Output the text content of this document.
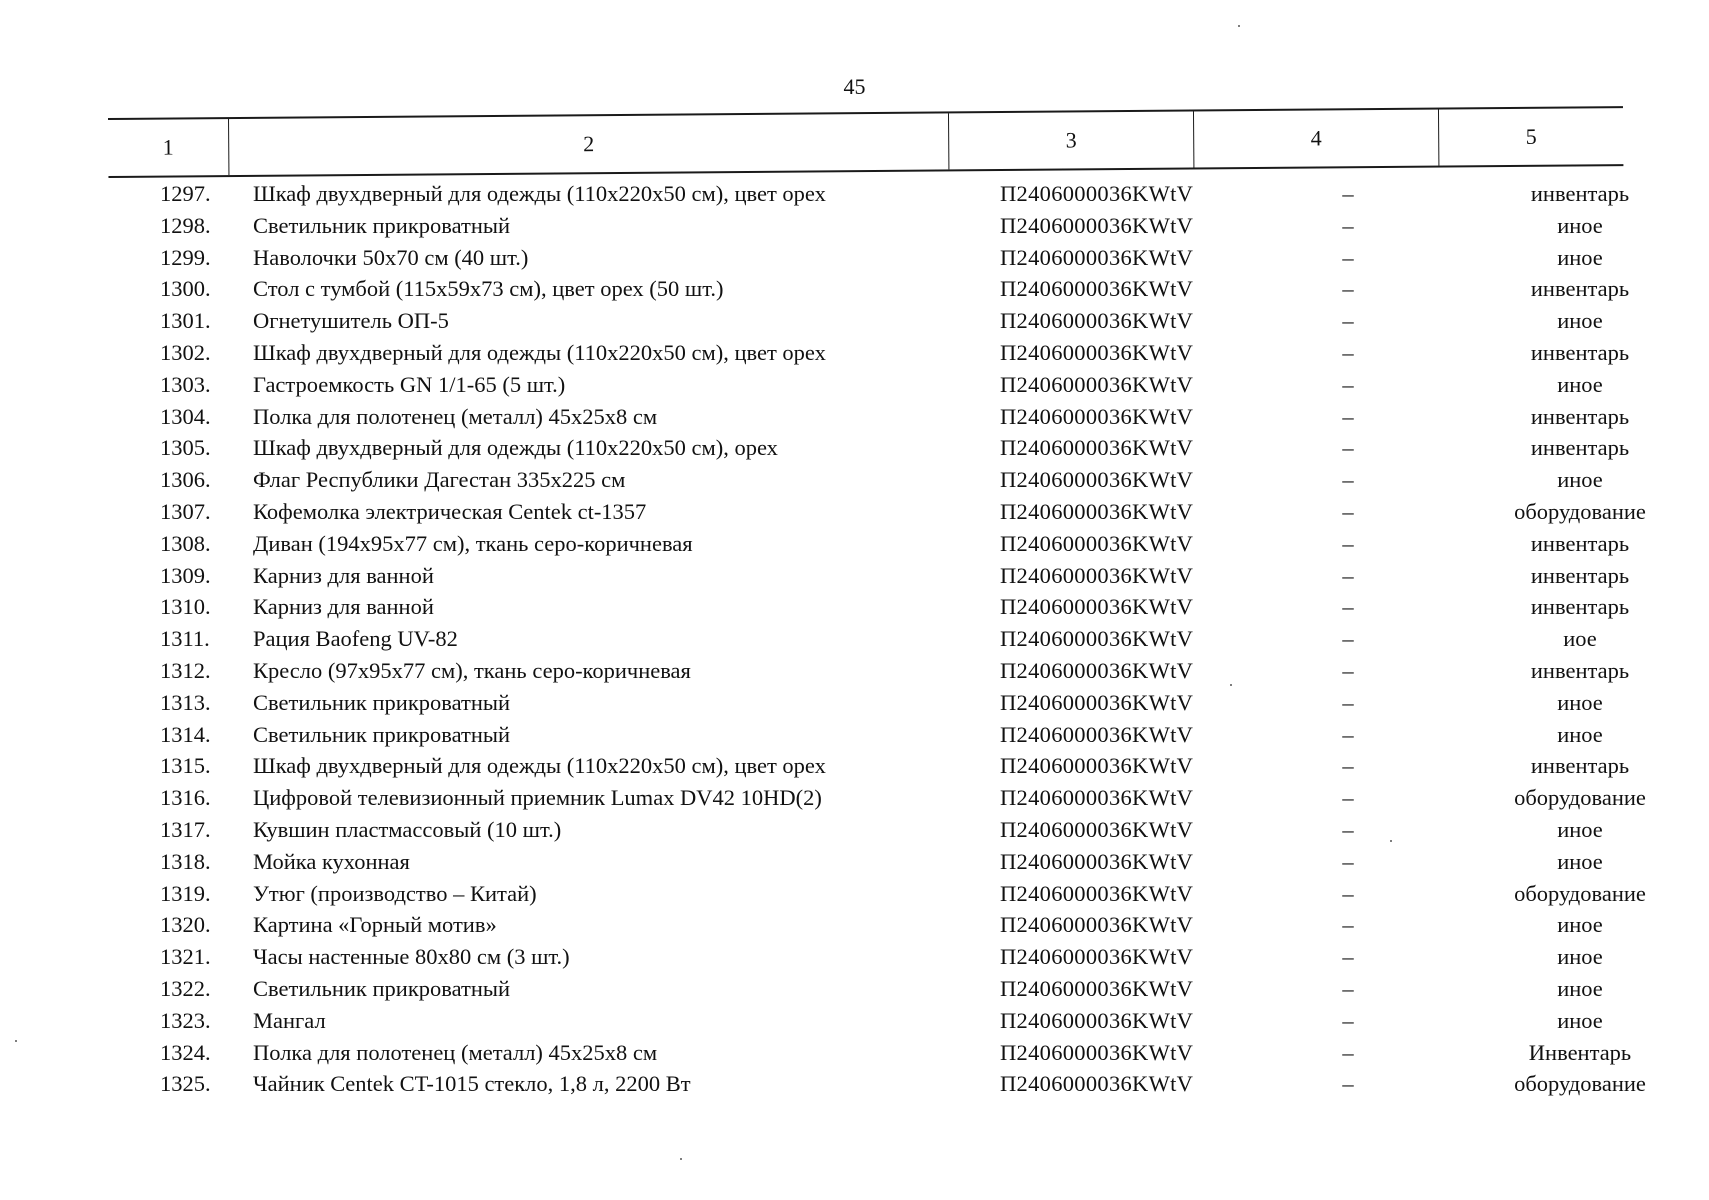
45
1	2	3	4	5
1297.	Шкаф двухдверный для одежды (110х220х50 см), цвет орех	П2406000036KWtV	–	инвентарь
1298.	Светильник прикроватный	П2406000036KWtV	–	иное
1299.	Наволочки 50х70 см (40 шт.)	П2406000036KWtV	–	иное
1300.	Стол с тумбой (115х59х73 см), цвет орех (50 шт.)	П2406000036KWtV	–	инвентарь
1301.	Огнетушитель ОП-5	П2406000036KWtV	–	иное
1302.	Шкаф двухдверный для одежды (110х220х50 см), цвет орех	П2406000036KWtV	–	инвентарь
1303.	Гастроемкость GN 1/1-65 (5 шт.)	П2406000036KWtV	–	иное
1304.	Полка для полотенец (металл) 45х25х8 см	П2406000036KWtV	–	инвентарь
1305.	Шкаф двухдверный для одежды (110х220х50 см), орех	П2406000036KWtV	–	инвентарь
1306.	Флаг Республики Дагестан 335х225 см	П2406000036KWtV	–	иное
1307.	Кофемолка электрическая Centek ct-1357	П2406000036KWtV	–	оборудование
1308.	Диван (194х95х77 см), ткань серо-коричневая	П2406000036KWtV	–	инвентарь
1309.	Карниз для ванной	П2406000036KWtV	–	инвентарь
1310.	Карниз для ванной	П2406000036KWtV	–	инвентарь
1311.	Рация Baofeng UV-82	П2406000036KWtV	–	иое
1312.	Кресло (97х95х77 см), ткань серо-коричневая	П2406000036KWtV	–	инвентарь
1313.	Светильник прикроватный	П2406000036KWtV	–	иное
1314.	Светильник прикроватный	П2406000036KWtV	–	иное
1315.	Шкаф двухдверный для одежды (110х220х50 см), цвет орех	П2406000036KWtV	–	инвентарь
1316.	Цифровой телевизионный приемник Lumax DV42 10HD(2)	П2406000036KWtV	–	оборудование
1317.	Кувшин пластмассовый (10 шт.)	П2406000036KWtV	–	иное
1318.	Мойка кухонная	П2406000036KWtV	–	иное
1319.	Утюг (производство – Китай)	П2406000036KWtV	–	оборудование
1320.	Картина «Горный мотив»	П2406000036KWtV	–	иное
1321.	Часы настенные 80х80 см (3 шт.)	П2406000036KWtV	–	иное
1322.	Светильник прикроватный	П2406000036KWtV	–	иное
1323.	Мангал	П2406000036KWtV	–	иное
1324.	Полка для полотенец (металл) 45х25х8 см	П2406000036KWtV	–	Инвентарь
1325.	Чайник Centek CT-1015 стекло, 1,8 л, 2200 Вт	П2406000036KWtV	–	оборудование
